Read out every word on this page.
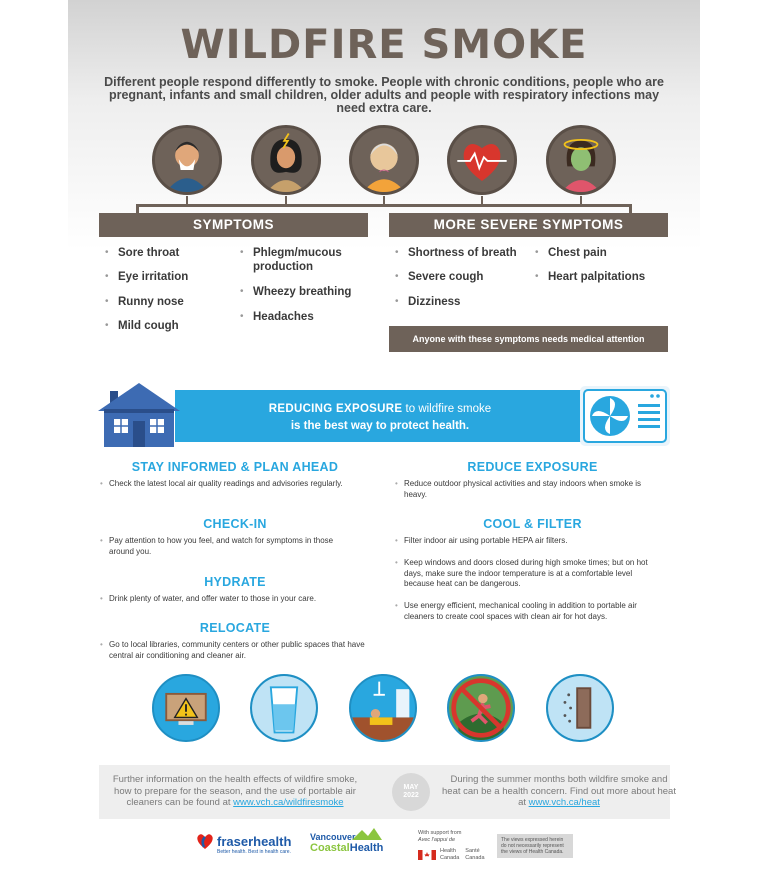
WILDFIRE SMOKE
Different people respond differently to smoke. People with chronic conditions, people who are pregnant, infants and small children, older adults and people with respiratory infections may need extra care.
SYMPTOMS	MORE SEVERE SYMPTOMS
• Sore throat
• Eye irritation
• Runny nose
• Mild cough
• Phlegm/mucous production
• Wheezy breathing
• Headaches
• Shortness of breath
• Severe cough
• Dizziness
• Chest pain
• Heart palpitations
Anyone with these symptoms needs medical attention
REDUCING EXPOSURE to wildfire smoke
is the best way to protect health.
STAY INFORMED & PLAN AHEAD
• Check the latest local air quality readings and advisories regularly.
CHECK-IN
• Pay attention to how you feel, and watch for symptoms in those around you.
HYDRATE
• Drink plenty of water, and offer water to those in your care.
RELOCATE
• Go to local libraries, community centers or other public spaces that have central air conditioning and cleaner air.
REDUCE EXPOSURE
• Reduce outdoor physical activities and stay indoors when smoke is heavy.
COOL & FILTER
• Filter indoor air using portable HEPA air filters.
• Keep windows and doors closed during high smoke times; but on hot days, make sure the indoor temperature is at a comfortable level because heat can be dangerous.
• Use energy efficient, mechanical cooling in addition to portable air cleaners to create cool spaces with clean air for hot days.
Further information on the health effects of wildfire smoke, how to prepare for the season, and the use of portable air cleaners can be found at www.vch.ca/wildfiresmoke
MAY
2022
During the summer months both wildfire smoke and heat can be a health concern. Find out more about heat at www.vch.ca/heat
fraserhealth
Better health. Best in health care.
Vancouver
CoastalHealth
With support from
Avec l'appui de
Health
Canada
Santé
Canada
The views expressed herein do not necessarily represent the views of Health Canada.
